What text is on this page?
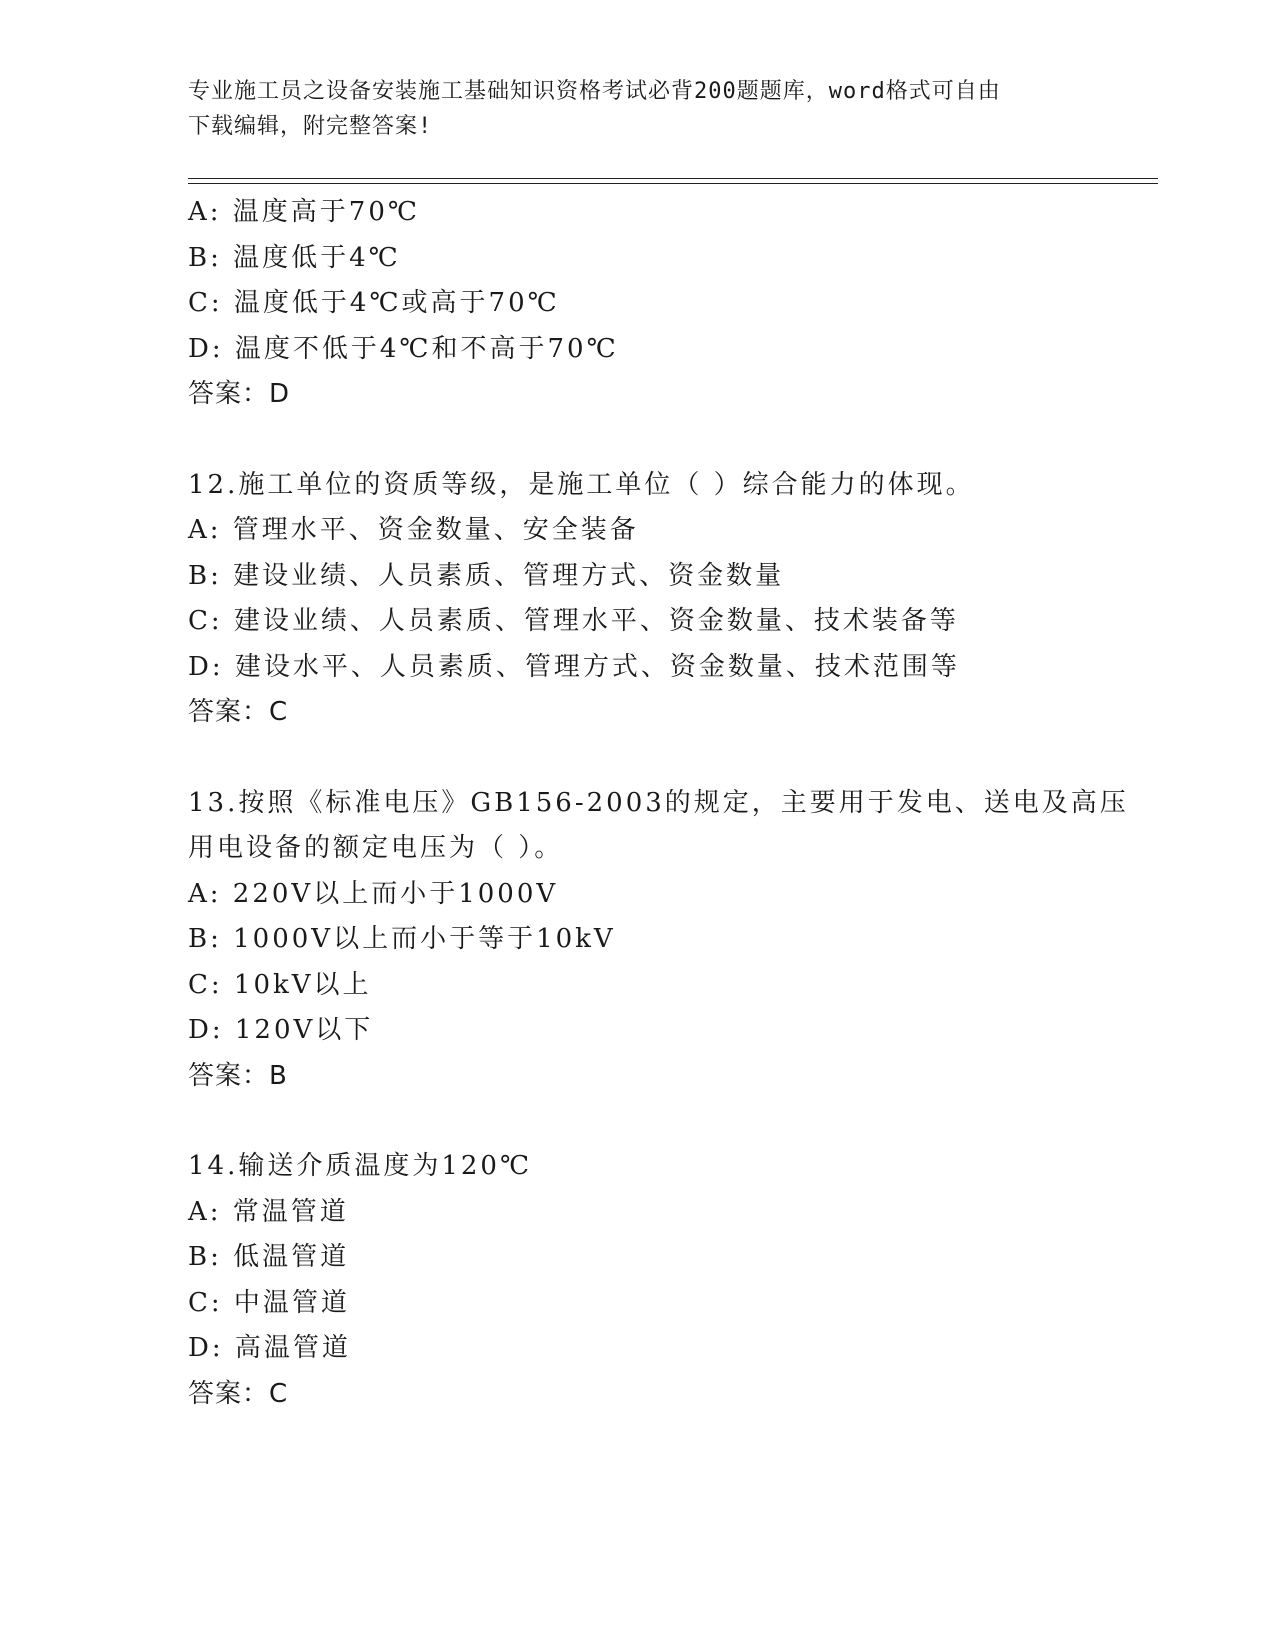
专业施工员之设备安装施工基础知识资格考试必背200题题库，word格式可自由
下载编辑，附完整答案!
A: 温度高于70℃
B: 温度低于4℃
C: 温度低于4℃或高于70℃
D: 温度不低于4℃和不高于70℃
答案：D
12.施工单位的资质等级，是施工单位（ ）综合能力的体现。
A: 管理水平、资金数量、安全装备
B: 建设业绩、人员素质、管理方式、资金数量
C: 建设业绩、人员素质、管理水平、资金数量、技术装备等
D: 建设水平、人员素质、管理方式、资金数量、技术范围等
答案：C
13.按照《标准电压》GB156-2003的规定，主要用于发电、送电及高压
用电设备的额定电压为（ ）。
A: 220V以上而小于1000V
B: 1000V以上而小于等于10kV
C: 10kV以上
D: 120V以下
答案：B
14.输送介质温度为120℃
A: 常温管道
B: 低温管道
C: 中温管道
D: 高温管道
答案：C
